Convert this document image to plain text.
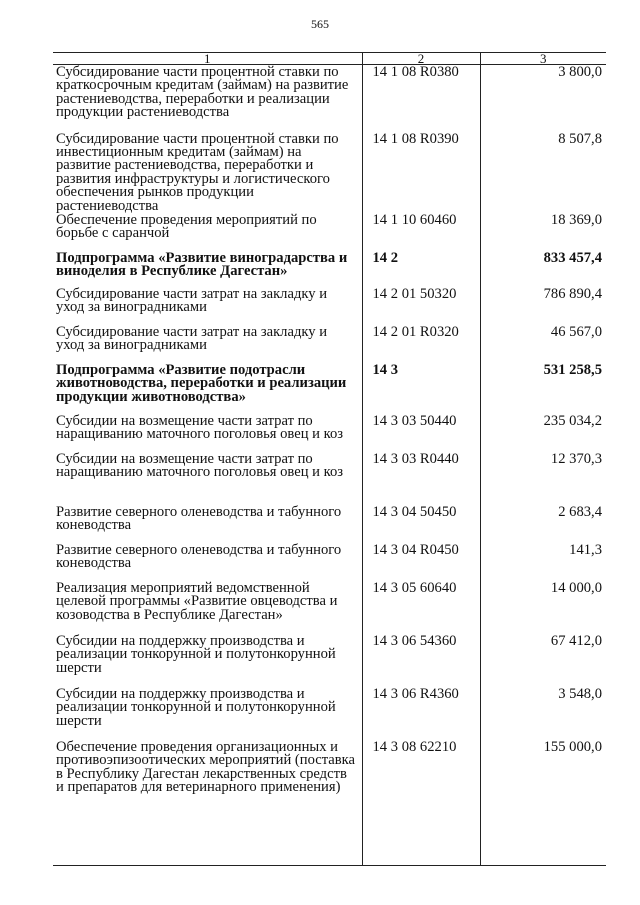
565
1	2	3
Субсидирование части процентной ставки по краткосрочным кредитам (займам) на развитие растениеводства, переработки и реализации продукции растениеводства	14 1 08 R0380	3 800,0
Субсидирование части процентной ставки по инвестиционным кредитам (займам) на развитие растениеводства, переработки и развития инфраструктуры и логистического обеспечения рынков продукции растениеводства	14 1 08 R0390	8 507,8
Обеспечение проведения мероприятий по борьбе с саранчой	14 1 10 60460	18 369,0
Подпрограмма «Развитие виноградарства и виноделия в Республике Дагестан»	14 2	833 457,4
Субсидирование части затрат на закладку и уход за виноградниками	14 2 01 50320	786 890,4
Субсидирование части затрат на закладку и уход за виноградниками	14 2 01 R0320	46 567,0
Подпрограмма «Развитие подотрасли животноводства, переработки и реализации продукции животноводства»	14 3	531 258,5
Субсидии на возмещение части затрат по наращиванию маточного поголовья овец и коз	14 3 03 50440	235 034,2
Субсидии на возмещение части затрат по наращиванию маточного поголовья овец и коз	14 3 03 R0440	12 370,3
Развитие северного оленеводства и табунного коневодства	14 3 04 50450	2 683,4
Развитие северного оленеводства и табунного коневодства	14 3 04 R0450	141,3
Реализация мероприятий ведомственной целевой программы «Развитие овцеводства и козоводства в Республике Дагестан»	14 3 05 60640	14 000,0
Субсидии на поддержку производства и реализации тонкорунной и полутонкорунной шерсти	14 3 06 54360	67 412,0
Субсидии на поддержку производства и реализации тонкорунной и полутонкорунной шерсти	14 3 06 R4360	3 548,0
Обеспечение проведения организационных и противоэпизоотических мероприятий (поставка в Республику Дагестан лекарственных средств и препаратов для ветеринарного применения)	14 3 08 62210	155 000,0
